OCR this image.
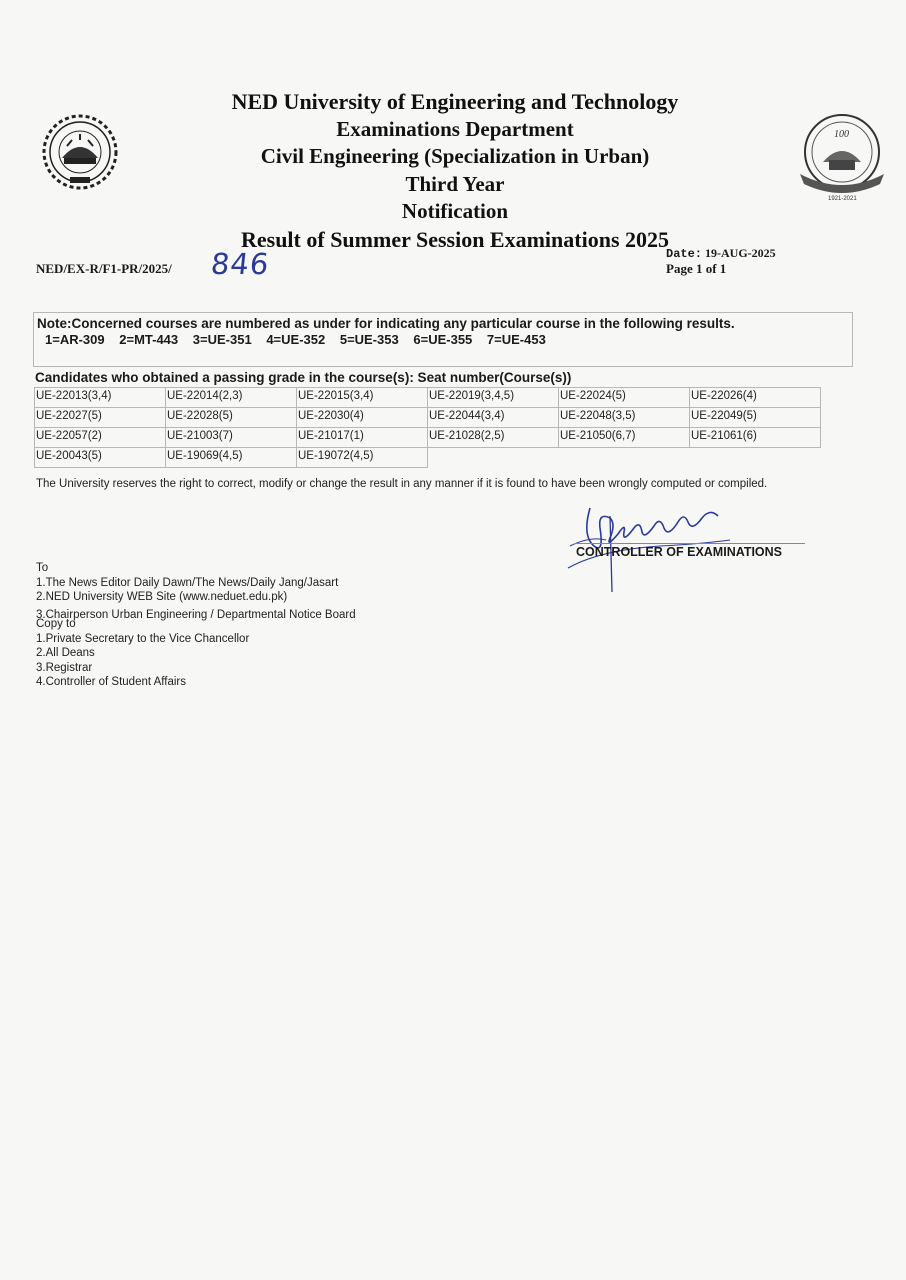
100
1921-2021
NED University of Engineering and Technology
Examinations Department
Civil Engineering (Specialization in Urban)
Third Year
Notification
Result of Summer Session Examinations 2025
NED/EX-R/F1-PR/2025/ 846	Date: 19-AUG-2025
Page 1 of 1
Note:Concerned courses are numbered as under for indicating any particular course in the following results.
1=AR-309 2=MT-443 3=UE-351 4=UE-352 5=UE-353 6=UE-355 7=UE-453
Candidates who obtained a passing grade in the course(s): Seat number(Course(s))
UE-22013(3,4)	UE-22014(2,3)	UE-22015(3,4)	UE-22019(3,4,5)	UE-22024(5)	UE-22026(4)
UE-22027(5)	UE-22028(5)	UE-22030(4)	UE-22044(3,4)	UE-22048(3,5)	UE-22049(5)
UE-22057(2)	UE-21003(7)	UE-21017(1)	UE-21028(2,5)	UE-21050(6,7)	UE-21061(6)
UE-20043(5)	UE-19069(4,5)	UE-19072(4,5)			
The University reserves the right to correct, modify or change the result in any manner if it is found to have been wrongly computed or compiled.
CONTROLLER OF EXAMINATIONS
To
1.The News Editor Daily Dawn/The News/Daily Jang/Jasart
2.NED University WEB Site (www.neduet.edu.pk)
3.Chairperson Urban Engineering / Departmental Notice Board
Copy to
1.Private Secretary to the Vice Chancellor
2.All Deans
3.Registrar
4.Controller of Student Affairs
